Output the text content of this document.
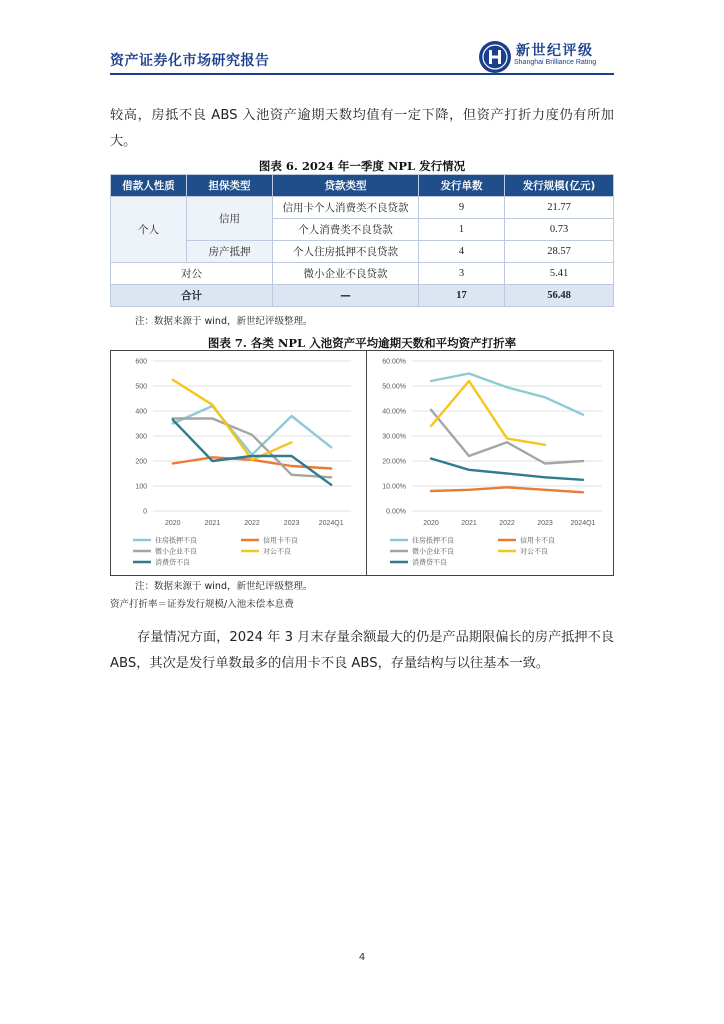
资产证券化市场研究报告
新世纪评级
Shanghai Brilliance Rating
较高，房抵不良 ABS 入池资产逾期天数均值有一定下降，但资产打折力度仍有所加大。
图表 6. 2024 年一季度 NPL 发行情况
借款人性质	担保类型	贷款类型	发行单数	发行规模(亿元)
个人	信用	信用卡个人消费类不良贷款	9	21.77
		个人消费类不良贷款	1	0.73
	房产抵押	个人住房抵押不良贷款	4	28.57
对公		微小企业不良贷款	3	5.41
合计		—	17	56.48
注：数据来源于 wind，新世纪评级整理。
图表 7. 各类 NPL 入池资产平均逾期天数和平均资产打折率
0
100
200
300
400
500
600
2020	2021	2022	2023	2024Q1
住房抵押不良	信用卡不良
微小企业不良	对公不良
消费贷不良
0.00%
10.00%
20.00%
30.00%
40.00%
50.00%
60.00%
2020	2021	2022	2023	2024Q1
住房抵押不良	信用卡不良
微小企业不良	对公不良
消费贷不良
注：数据来源于 wind，新世纪评级整理。
资产打折率＝证券发行规模/入池未偿本息费
存量情况方面，2024 年 3 月末存量余额最大的仍是产品期限偏长的房产抵押不良 ABS，其次是发行单数最多的信用卡不良 ABS，存量结构与以往基本一致。
4
